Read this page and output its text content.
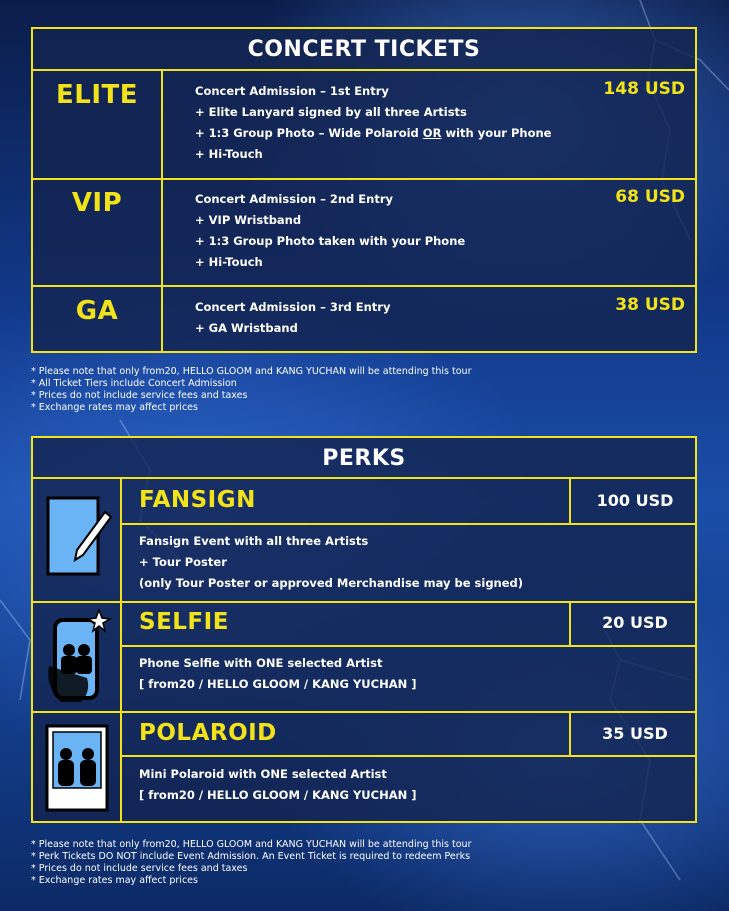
CONCERT TICKETS
ELITE	148 USD
Concert Admission – 1st Entry
+ Elite Lanyard signed by all three Artists
+ 1:3 Group Photo – Wide Polaroid OR with your Phone
+ Hi-Touch
VIP	68 USD
Concert Admission – 2nd Entry
+ VIP Wristband
+ 1:3 Group Photo taken with your Phone
+ Hi-Touch
GA	38 USD
Concert Admission – 3rd Entry
+ GA Wristband
* Please note that only from20, HELLO GLOOM and KANG YUCHAN will be attending this tour
* All Ticket Tiers include Concert Admission
* Prices do not include service fees and taxes
* Exchange rates may affect prices
PERKS
FANSIGN	100 USD
Fansign Event with all three Artists
+ Tour Poster
(only Tour Poster or approved Merchandise may be signed)
SELFIE	20 USD
Phone Selfie with ONE selected Artist
[ from20 / HELLO GLOOM / KANG YUCHAN ]
POLAROID	35 USD
Mini Polaroid with ONE selected Artist
[ from20 / HELLO GLOOM / KANG YUCHAN ]
* Please note that only from20, HELLO GLOOM and KANG YUCHAN will be attending this tour
* Perk Tickets DO NOT include Event Admission. An Event Ticket is required to redeem Perks
* Prices do not include service fees and taxes
* Exchange rates may affect prices
